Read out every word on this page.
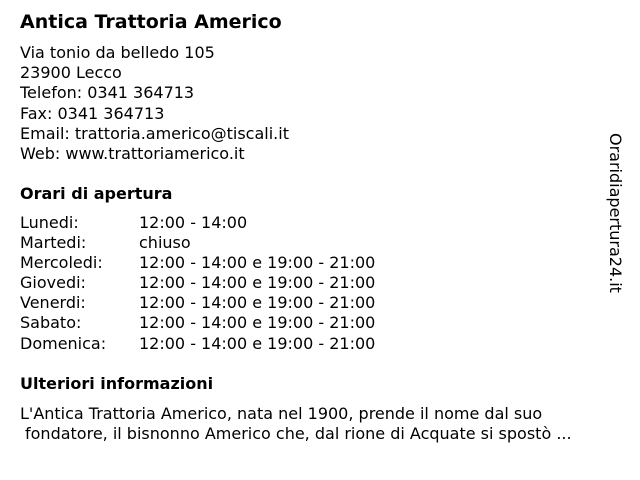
Antica Trattoria Americo
Via tonio da belledo 105
23900 Lecco
Telefon: 0341 364713
Fax: 0341 364713
Email: trattoria.americo@tiscali.it
Web: www.trattoriamerico.it
Orari di apertura
Lunedi:	12:00 - 14:00
Martedi:	chiuso
Mercoledi: 12:00 - 14:00 e 19:00 - 21:00
Giovedi:	12:00 - 14:00 e 19:00 - 21:00
Venerdi:	12:00 - 14:00 e 19:00 - 21:00
Sabato:	12:00 - 14:00 e 19:00 - 21:00
Domenica: 12:00 - 14:00 e 19:00 - 21:00
Ulteriori informazioni
L'Antica Trattoria Americo, nata nel 1900, prende il nome dal suo
fondatore, il bisnonno Americo che, dal rione di Acquate si spostò ...
Oraridiapertura24.it
